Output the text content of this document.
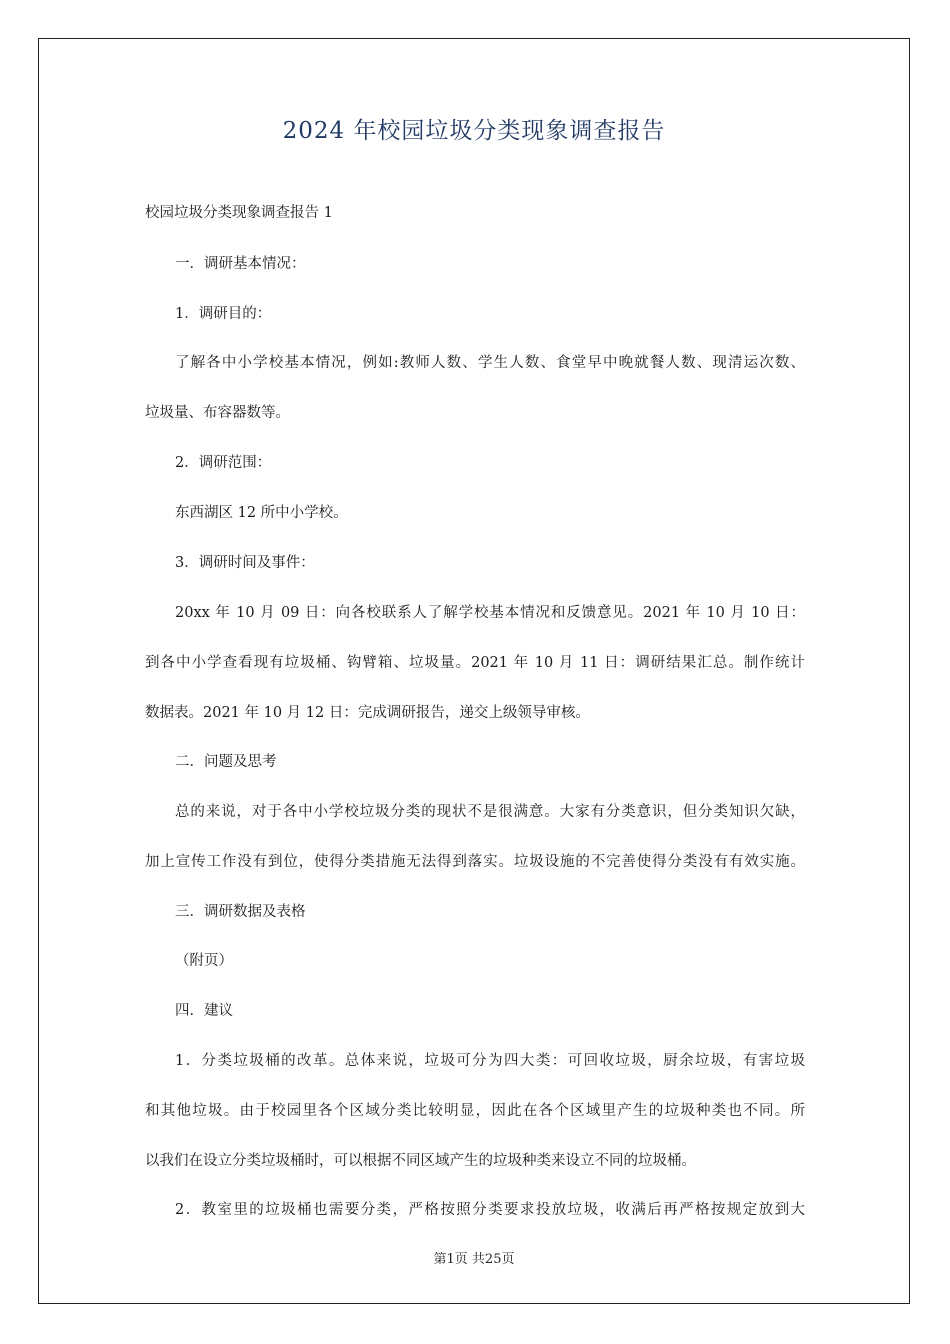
2024 年校园垃圾分类现象调查报告
校园垃圾分类现象调查报告 1
一．调研基本情况：
1．调研目的：
了解各中小学校基本情况，例如:教师人数、学生人数、食堂早中晚就餐人数、现清运次数、
垃圾量、布容器数等。
2．调研范围：
东西湖区 12 所中小学校。
3．调研时间及事件：
20xx 年 10 月 09 日：向各校联系人了解学校基本情况和反馈意见。2021 年 10 月 10 日：
到各中小学查看现有垃圾桶、钩臂箱、垃圾量。2021 年 10 月 11 日：调研结果汇总。制作统计
数据表。2021 年 10 月 12 日：完成调研报告，递交上级领导审核。
二．问题及思考
总的来说，对于各中小学校垃圾分类的现状不是很满意。大家有分类意识，但分类知识欠缺，
加上宣传工作没有到位，使得分类措施无法得到落实。垃圾设施的不完善使得分类没有有效实施。
三．调研数据及表格
（附页）
四．建议
1．分类垃圾桶的改革。总体来说，垃圾可分为四大类：可回收垃圾，厨余垃圾，有害垃圾
和其他垃圾。由于校园里各个区域分类比较明显，因此在各个区域里产生的垃圾种类也不同。所
以我们在设立分类垃圾桶时，可以根据不同区域产生的垃圾种类来设立不同的垃圾桶。
2．教室里的垃圾桶也需要分类，严格按照分类要求投放垃圾，收满后再严格按规定放到大
第1页 共25页
